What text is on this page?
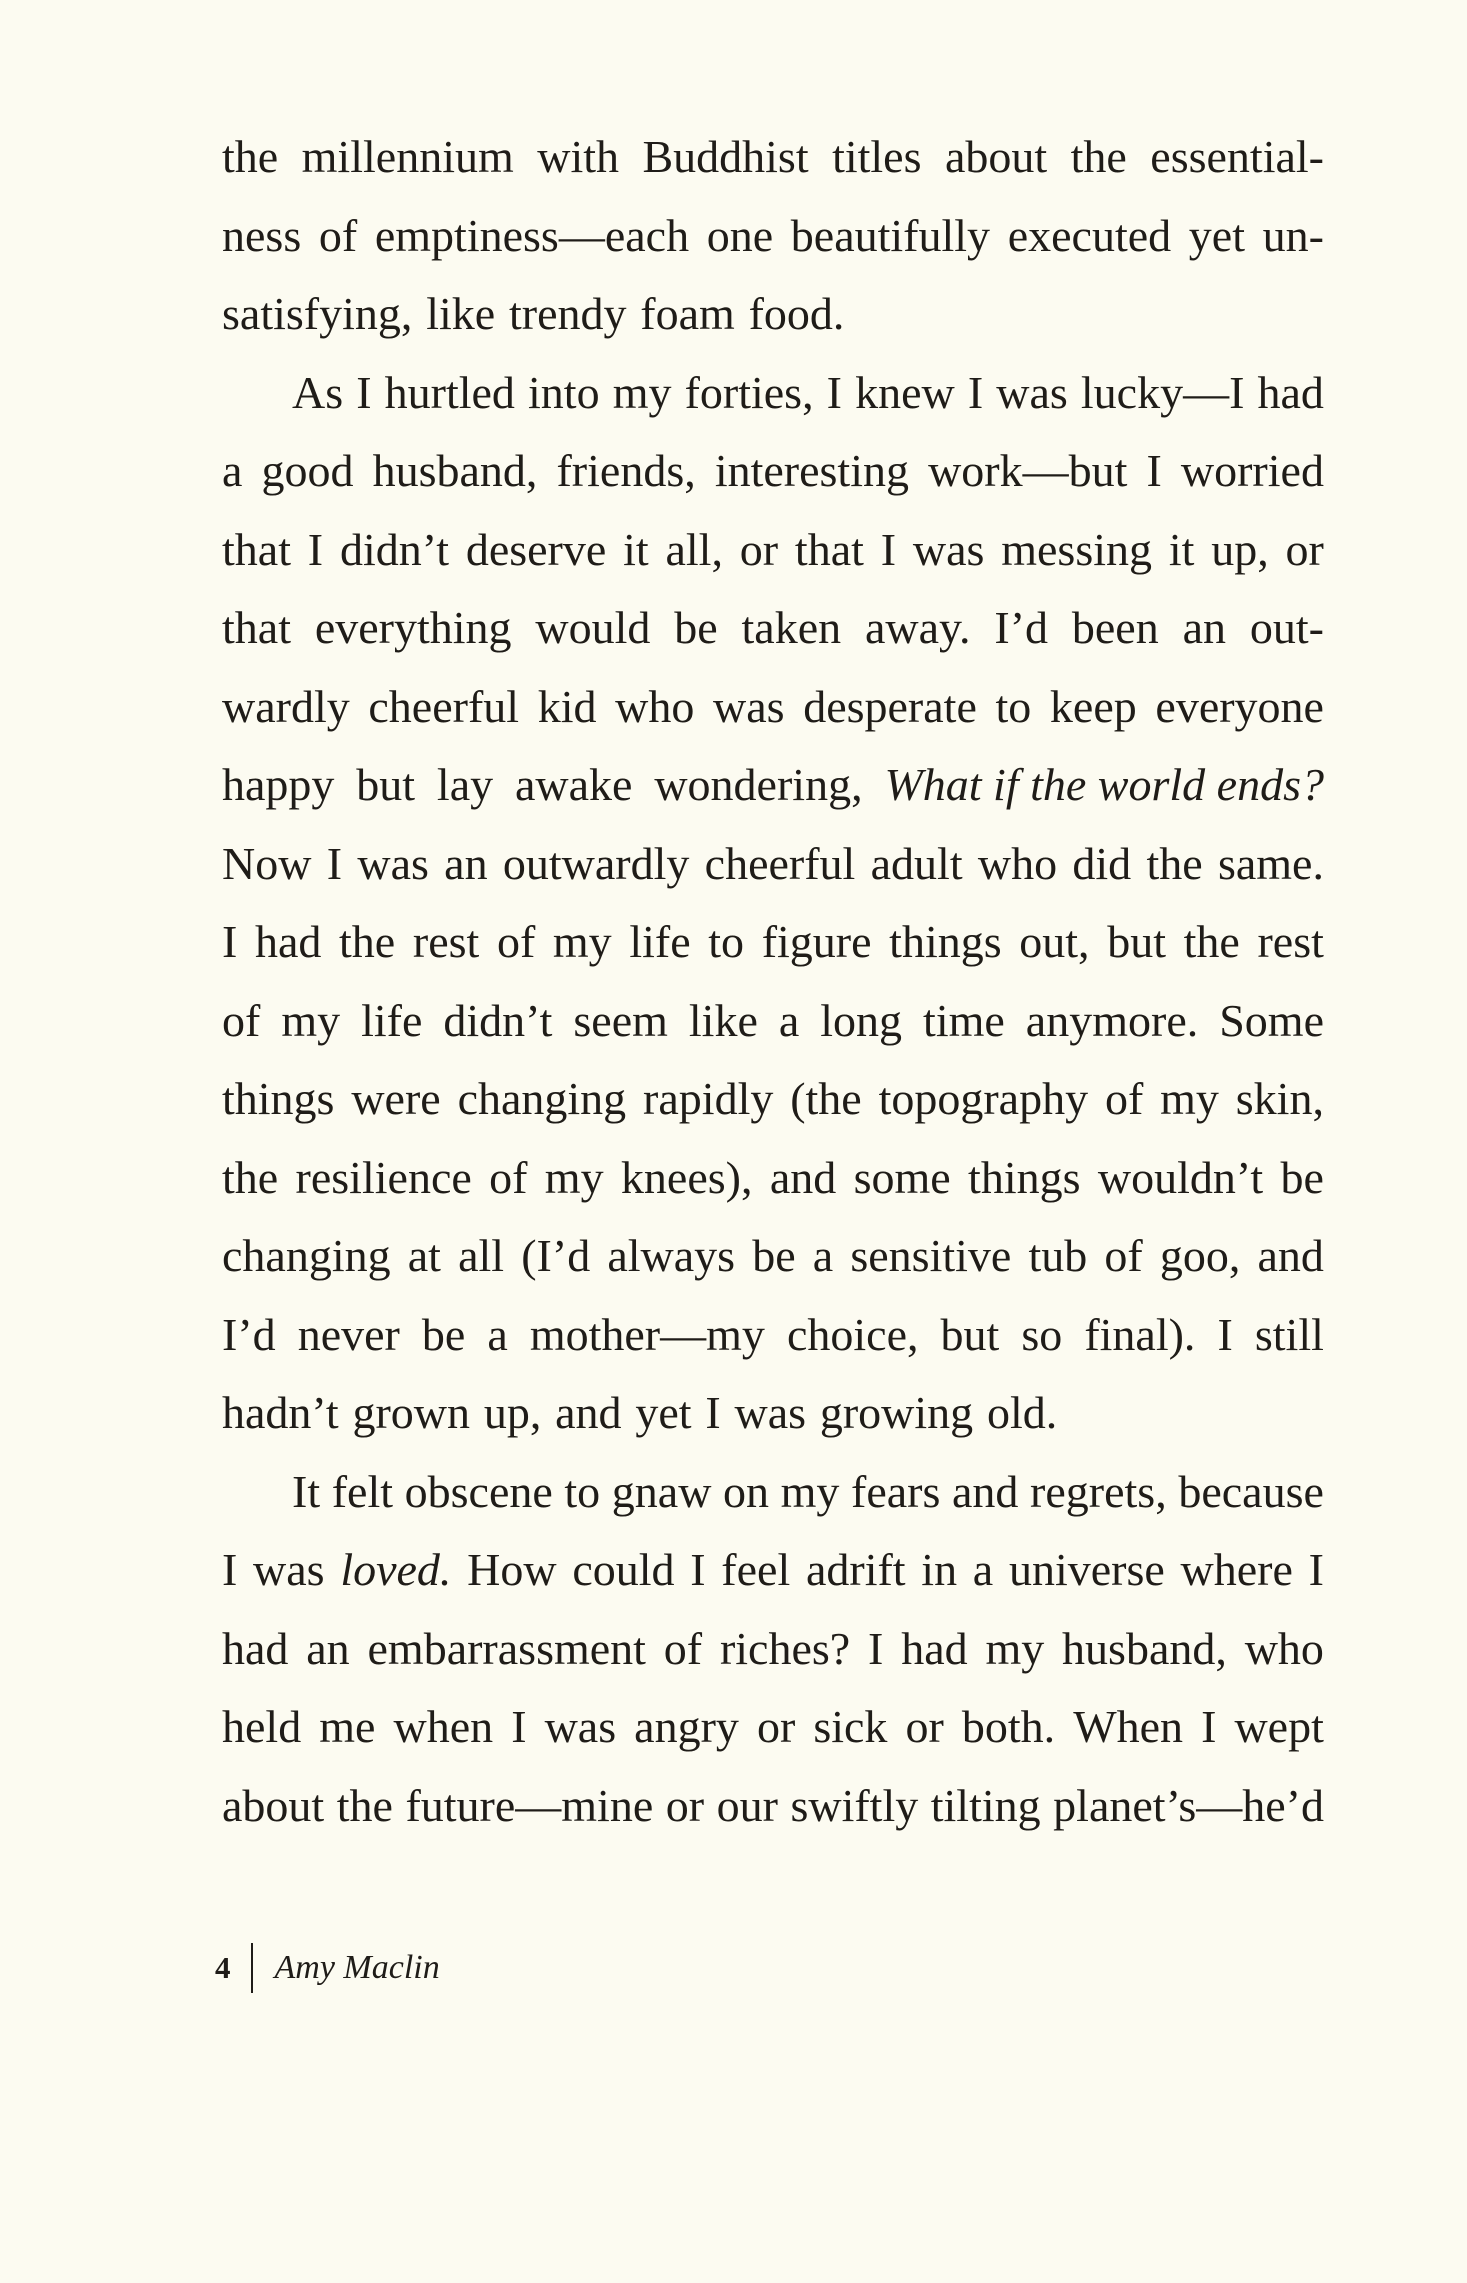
the millennium with Buddhist titles about the essential-
ness of emptiness—each one beautifully executed yet un-
satisfying, like trendy foam food.
As I hurtled into my forties, I knew I was lucky—I had
a good husband, friends, interesting work—but I worried
that I didn’t deserve it all, or that I was messing it up, or
that everything would be taken away. I’d been an out-
wardly cheerful kid who was desperate to keep everyone
happy but lay awake wondering, What if the world ends?
Now I was an outwardly cheerful adult who did the same.
I had the rest of my life to figure things out, but the rest
of my life didn’t seem like a long time anymore. Some
things were changing rapidly (the topography of my skin,
the resilience of my knees), and some things wouldn’t be
changing at all (I’d always be a sensitive tub of goo, and
I’d never be a mother—my choice, but so final). I still
hadn’t grown up, and yet I was growing old.
It felt obscene to gnaw on my fears and regrets, because
I was loved. How could I feel adrift in a universe where I
had an embarrassment of riches? I had my husband, who
held me when I was angry or sick or both. When I wept
about the future—mine or our swiftly tilting planet’s—he’d
4 Amy Maclin
